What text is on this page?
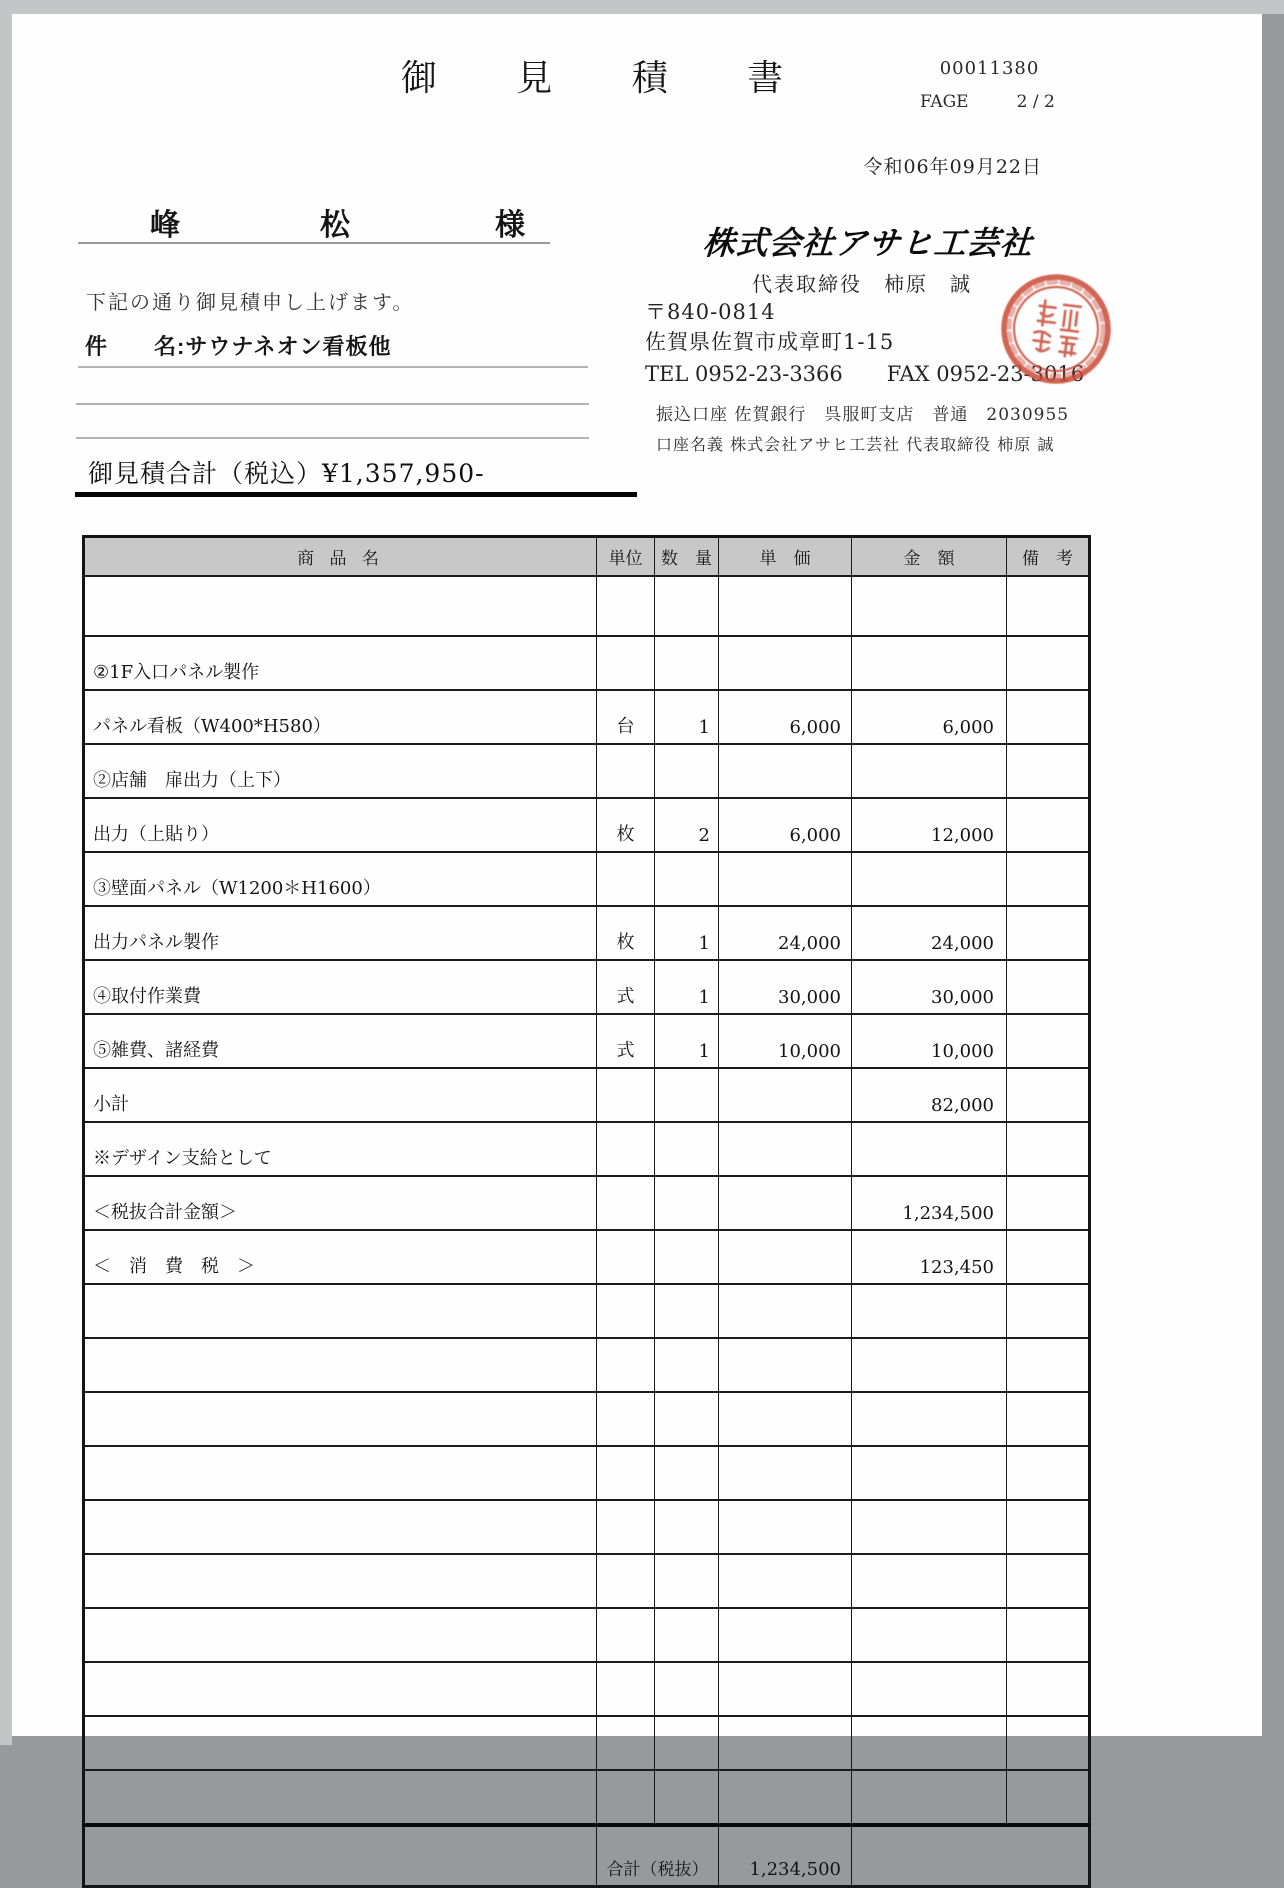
御 見 積 書	00011380
FAGE	2 / 2
令和06年09月22日
峰	松	様
下記の通り御見積申し上げます。
件　　名:サウナネオン看板他
御見積合計（税込）¥1,357,950-
株式会社アサヒ工芸社
代表取締役　柿原　誠
〒840-0814
佐賀県佐賀市成章町1-15
TEL 0952-23-3366 FAX 0952-23-3016
振込口座 佐賀銀行　呉服町支店　普通　2030955
口座名義 株式会社アサヒ工芸社 代表取締役 柿原 誠
商 品 名	単位	数　量	単　価	金　額	備　考

②1F入口パネル製作					
パネル看板（W400*H580）	台	1	6,000	6,000	
②店舗　扉出力（上下）					
出力（上貼り）	枚	2	6,000	12,000	
③壁面パネル（W1200＊H1600）					
出力パネル製作	枚	1	24,000	24,000	
④取付作業費	式	1	30,000	30,000	
⑤雑費、諸経費	式	1	10,000	10,000	
小計				82,000	
※デザイン支給として					
＜税抜合計金額＞				1,234,500	
＜　消　費　税　＞				123,450	

	合計（税抜）		1,234,500		
